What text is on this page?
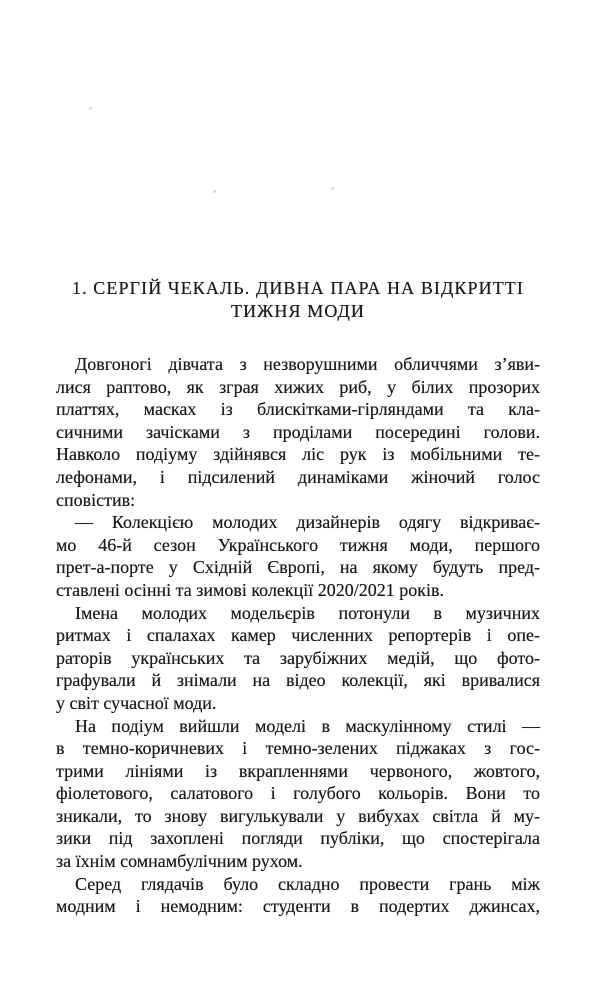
1. СЕРГІЙ ЧЕКАЛЬ. ДИВНА ПАРА НА ВІДКРИТТІ
ТИЖНЯ МОДИ
Довгоногі дівчата з незворушними обличчями з’яви-
лися раптово, як зграя хижих риб, у білих прозорих
платтях, масках із блискітками-гірляндами та кла-
сичними зачісками з проділами посередині голови.
Навколо подіуму здійнявся ліс рук із мобільними те-
лефонами, і підсилений динаміками жіночий голос
сповістив:
— Колекцією молодих дизайнерів одягу відкриває-
мо 46-й сезон Українського тижня моди, першого
прет-а-порте у Східній Європі, на якому будуть пред-
ставлені осінні та зимові колекції 2020/2021 років.
Імена молодих модельєрів потонули в музичних
ритмах і спалахах камер численних репортерів і опе-
раторів українських та зарубіжних медій, що фото-
графували й знімали на відео колекції, які вривалися
у світ сучасної моди.
На подіум вийшли моделі в маскулінному стилі —
в темно-коричневих і темно-зелених піджаках з гос-
трими лініями із вкрапленнями червоного, жовтого,
фіолетового, салатового і голубого кольорів. Вони то
зникали, то знову вигулькували у вибухах світла й му-
зики під захоплені погляди публіки, що спостерігала
за їхнім сомнамбулічним рухом.
Серед глядачів було складно провести грань між
модним і немодним: студенти в подертих джинсах,
